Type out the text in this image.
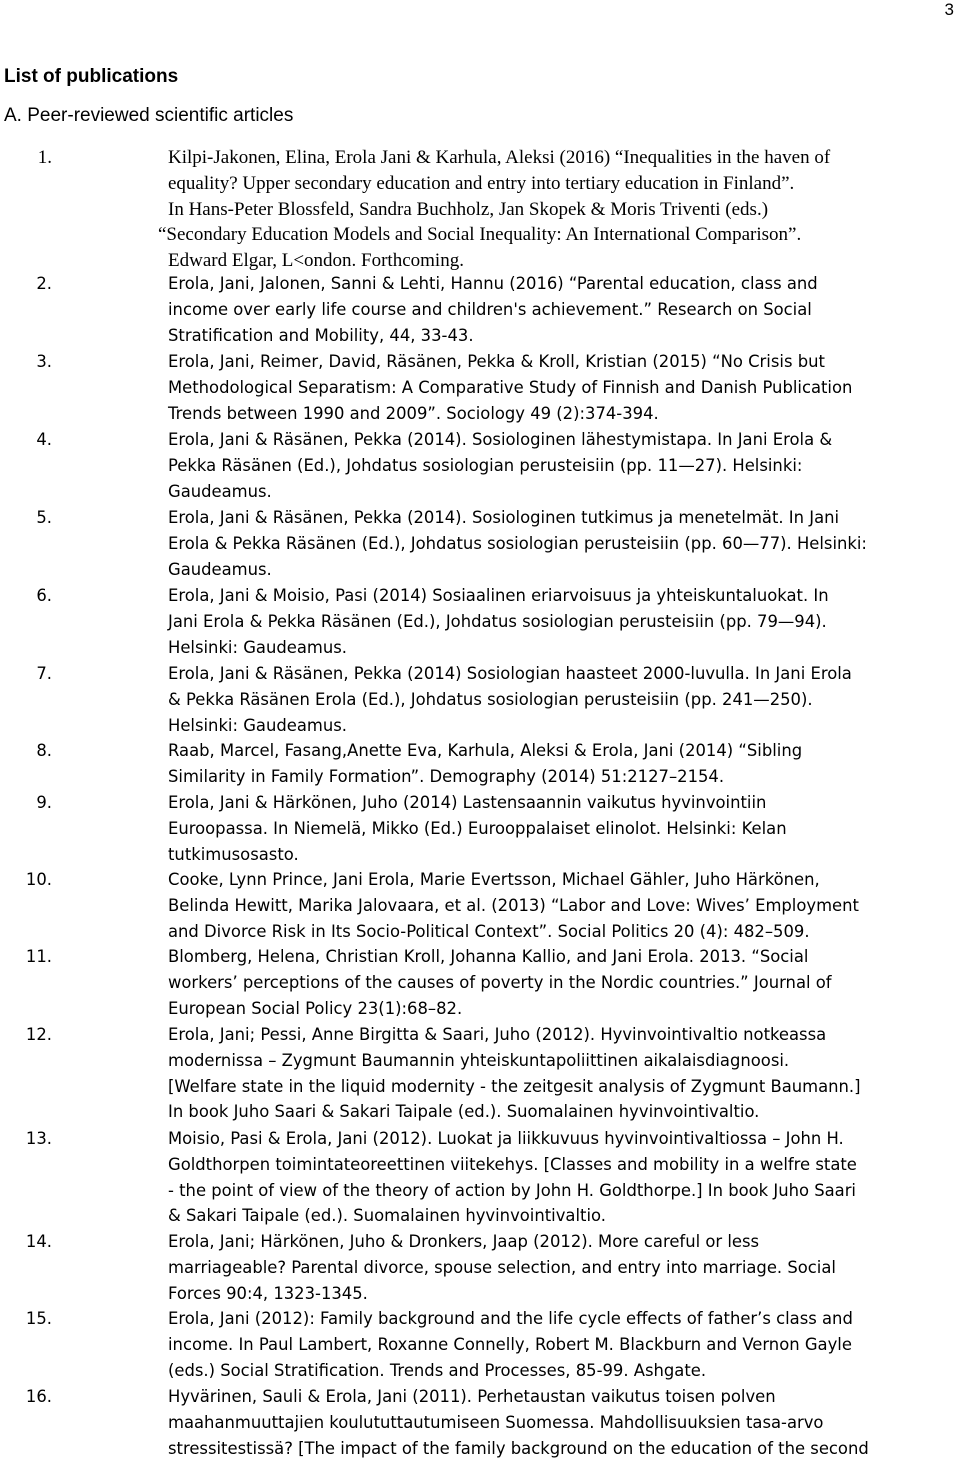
3
List of publications
A. Peer-reviewed scientific articles
1.	Kilpi-Jakonen, Elina, Erola Jani & Karhula, Aleksi (2016) “Inequalities in the haven of
equality? Upper secondary education and entry into tertiary education in Finland”.
In Hans-Peter Blossfeld, Sandra Buchholz, Jan Skopek & Moris Triventi (eds.)
“Secondary Education Models and Social Inequality: An International Comparison”.
Edward Elgar, L<ondon. Forthcoming.
2.	Erola, Jani, Jalonen, Sanni & Lehti, Hannu (2016) “Parental education, class and
income over early life course and children's achievement.” Research on Social
Stratification and Mobility, 44, 33-43.
3.	Erola, Jani, Reimer, David, Räsänen, Pekka & Kroll, Kristian (2015) “No Crisis but
Methodological Separatism: A Comparative Study of Finnish and Danish Publication
Trends between 1990 and 2009”. Sociology 49 (2):374-394.
4.	Erola, Jani & Räsänen, Pekka (2014). Sosiologinen lähestymistapa. In Jani Erola &
Pekka Räsänen (Ed.), Johdatus sosiologian perusteisiin (pp. 11—27). Helsinki:
Gaudeamus.
5.	Erola, Jani & Räsänen, Pekka (2014). Sosiologinen tutkimus ja menetelmät. In Jani
Erola & Pekka Räsänen (Ed.), Johdatus sosiologian perusteisiin (pp. 60—77). Helsinki:
Gaudeamus.
6.	Erola, Jani & Moisio, Pasi (2014) Sosiaalinen eriarvoisuus ja yhteiskuntaluokat. In
Jani Erola & Pekka Räsänen (Ed.), Johdatus sosiologian perusteisiin (pp. 79—94).
Helsinki: Gaudeamus.
7.	Erola, Jani & Räsänen, Pekka (2014) Sosiologian haasteet 2000-luvulla. In Jani Erola
& Pekka Räsänen Erola (Ed.), Johdatus sosiologian perusteisiin (pp. 241—250).
Helsinki: Gaudeamus.
8.	Raab, Marcel, Fasang,Anette Eva, Karhula, Aleksi & Erola, Jani (2014) “Sibling
Similarity in Family Formation”. Demography (2014) 51:2127–2154.
9.	Erola, Jani & Härkönen, Juho (2014) Lastensaannin vaikutus hyvinvointiin
Euroopassa. In Niemelä, Mikko (Ed.) Eurooppalaiset elinolot. Helsinki: Kelan
tutkimusosasto.
10.	Cooke, Lynn Prince, Jani Erola, Marie Evertsson, Michael Gähler, Juho Härkönen,
Belinda Hewitt, Marika Jalovaara, et al. (2013) “Labor and Love: Wives’ Employment
and Divorce Risk in Its Socio-Political Context”. Social Politics 20 (4): 482–509.
11.	Blomberg, Helena, Christian Kroll, Johanna Kallio, and Jani Erola. 2013. “Social
workers’ perceptions of the causes of poverty in the Nordic countries.” Journal of
European Social Policy 23(1):68–82.
12.	Erola, Jani; Pessi, Anne Birgitta & Saari, Juho (2012). Hyvinvointivaltio notkeassa
modernissa – Zygmunt Baumannin yhteiskuntapoliittinen aikalaisdiagnoosi.
[Welfare state in the liquid modernity - the zeitgesit analysis of Zygmunt Baumann.]
In book Juho Saari & Sakari Taipale (ed.). Suomalainen hyvinvointivaltio.
13.	Moisio, Pasi & Erola, Jani (2012). Luokat ja liikkuvuus hyvinvointivaltiossa – John H.
Goldthorpen toimintateoreettinen viitekehys. [Classes and mobility in a welfre state
- the point of view of the theory of action by John H. Goldthorpe.] In book Juho Saari
& Sakari Taipale (ed.). Suomalainen hyvinvointivaltio.
14.	Erola, Jani; Härkönen, Juho & Dronkers, Jaap (2012). More careful or less
marriageable? Parental divorce, spouse selection, and entry into marriage. Social
Forces 90:4, 1323-1345.
15.	Erola, Jani (2012): Family background and the life cycle effects of father’s class and
income. In Paul Lambert, Roxanne Connelly, Robert M. Blackburn and Vernon Gayle
(eds.) Social Stratification. Trends and Processes, 85-99. Ashgate.
16.	Hyvärinen, Sauli & Erola, Jani (2011). Perhetaustan vaikutus toisen polven
maahanmuuttajien koulututtautumiseen Suomessa. Mahdollisuuksien tasa-arvo
stressitestissä? [The impact of the family background on the education of the second
